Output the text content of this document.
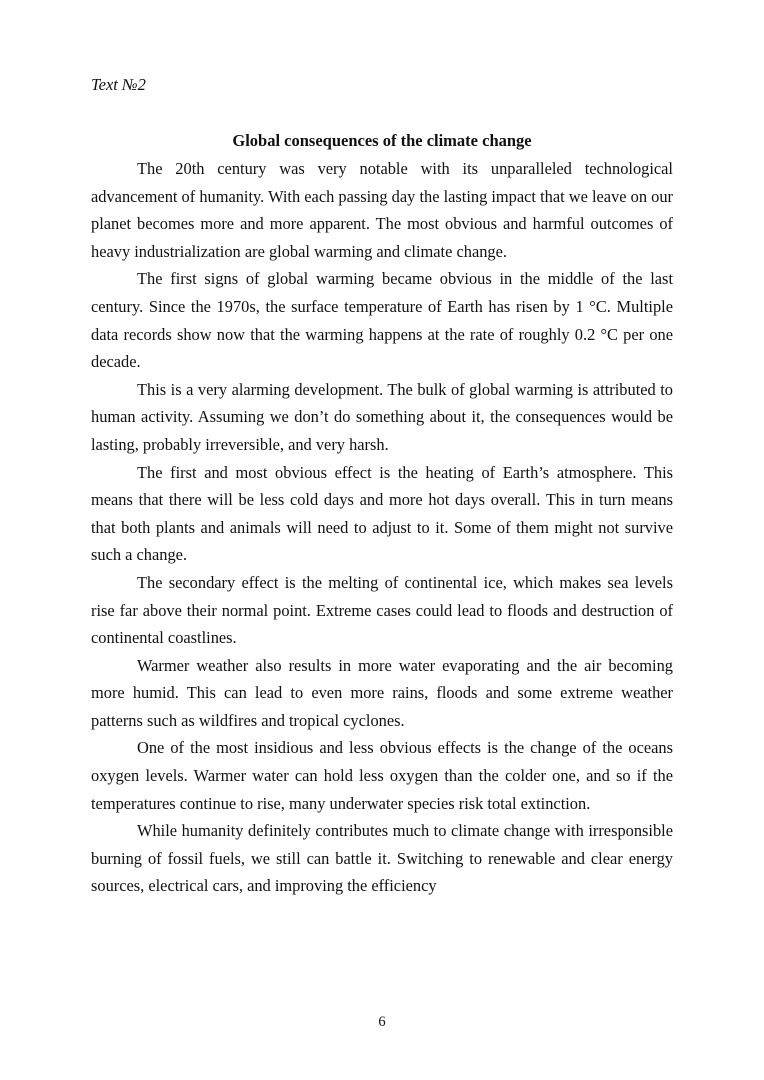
Text №2

Global consequences of the climate change

The 20th century was very notable with its unparalleled technological advancement of humanity. With each passing day the lasting impact that we leave on our planet becomes more and more apparent. The most obvious and harmful outcomes of heavy industrialization are global warming and climate change.

The first signs of global warming became obvious in the middle of the last century. Since the 1970s, the surface temperature of Earth has risen by 1 °C. Multiple data records show now that the warming happens at the rate of roughly 0.2 °C per one decade.

This is a very alarming development. The bulk of global warming is attributed to human activity. Assuming we don’t do something about it, the consequences would be lasting, probably irreversible, and very harsh.

The first and most obvious effect is the heating of Earth’s atmosphere. This means that there will be less cold days and more hot days overall. This in turn means that both plants and animals will need to adjust to it. Some of them might not survive such a change.

The secondary effect is the melting of continental ice, which makes sea levels rise far above their normal point. Extreme cases could lead to floods and destruction of continental coastlines.

Warmer weather also results in more water evaporating and the air becoming more humid. This can lead to even more rains, floods and some extreme weather patterns such as wildfires and tropical cyclones.

One of the most insidious and less obvious effects is the change of the oceans oxygen levels. Warmer water can hold less oxygen than the colder one, and so if the temperatures continue to rise, many underwater species risk total extinction.

While humanity definitely contributes much to climate change with irresponsible burning of fossil fuels, we still can battle it. Switching to renewable and clear energy sources, electrical cars, and improving the efficiency

6
